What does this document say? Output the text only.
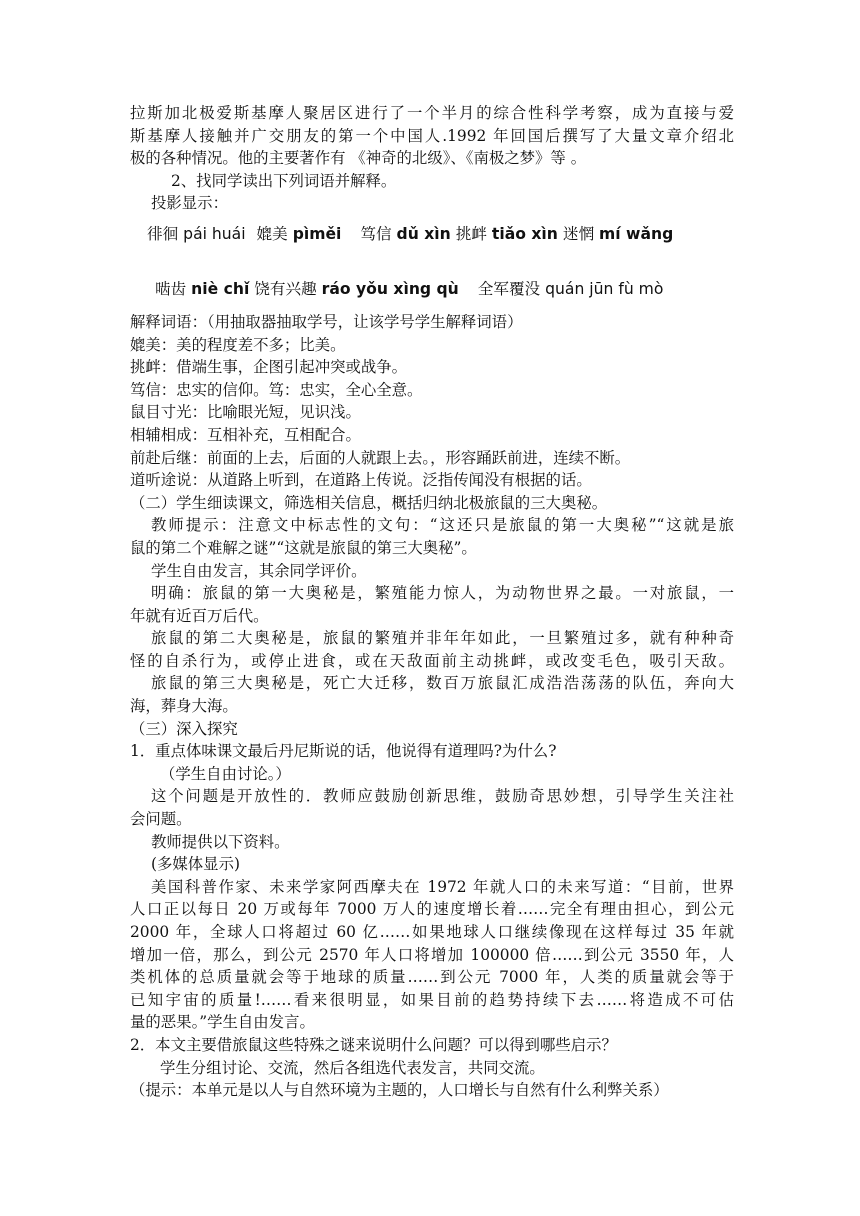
拉斯加北极爱斯基摩人聚居区进行了一个半月的综合性科学考察，成为直接与爱
斯基摩人接触并广交朋友的第一个中国人.1992 年回国后撰写了大量文章介绍北
极的各种情况。他的主要著作有 《神奇的北级》、《南极之梦》等 。
2、找同学读出下列词语并解释。
投影显示：
徘徊 pái huái 媲美 pìměi 笃信 dǔ xìn 挑衅 tiǎo xìn 迷惘 mí wǎng
啮齿 niè chǐ 饶有兴趣 ráo yǒu xìng qù 全军覆没 quán jūn fù mò
解释词语：（用抽取器抽取学号，让该学号学生解释词语）
媲美：美的程度差不多；比美。
挑衅：借端生事，企图引起冲突或战争。
笃信：忠实的信仰。笃：忠实，全心全意。
鼠目寸光：比喻眼光短，见识浅。
相辅相成：互相补充，互相配合。
前赴后继：前面的上去，后面的人就跟上去。，形容踊跃前进，连续不断。
道听途说：从道路上听到，在道路上传说。泛指传闻没有根据的话。
（二）学生细读课文，筛选相关信息，概括归纳北极旅鼠的三大奥秘。
教师提示：注意文中标志性的文句：“这还只是旅鼠的第一大奥秘”“这就是旅
鼠的第二个难解之谜”“这就是旅鼠的第三大奥秘”。
学生自由发言，其余同学评价。
明确：旅鼠的第一大奥秘是，繁殖能力惊人，为动物世界之最。一对旅鼠，一
年就有近百万后代。
旅鼠的第二大奥秘是，旅鼠的繁殖并非年年如此，一旦繁殖过多，就有种种奇
怪的自杀行为，或停止进食，或在天敌面前主动挑衅，或改变毛色，吸引天敌。
旅鼠的第三大奥秘是，死亡大迁移，数百万旅鼠汇成浩浩荡荡的队伍，奔向大
海，葬身大海。
（三）深入探究
1．重点体味课文最后丹尼斯说的话，他说得有道理吗?为什么?
（学生自由讨论。）
这个问题是开放性的．教师应鼓励创新思维，鼓励奇思妙想，引导学生关注社
会问题。
教师提供以下资料。
(多媒体显示)
美国科普作家、未来学家阿西摩夫在 1972 年就人口的未来写道：“目前，世界
人口正以每日 20 万或每年 7000 万人的速度增长着……完全有理由担心，到公元
2000 年，全球人口将超过 60 亿……如果地球人口继续像现在这样每过 35 年就
增加一倍，那么，到公元 2570 年人口将增加 100000 倍……到公元 3550 年，人
类机体的总质量就会等于地球的质量……到公元 7000 年，人类的质量就会等于
已知宇宙的质量!……看来很明显，如果目前的趋势持续下去……将造成不可估
量的恶果。”学生自由发言。
2．本文主要借旅鼠这些特殊之谜来说明什么问题？可以得到哪些启示？
学生分组讨论、交流，然后各组选代表发言，共同交流。
（提示：本单元是以人与自然环境为主题的，人口增长与自然有什么利弊关系）
